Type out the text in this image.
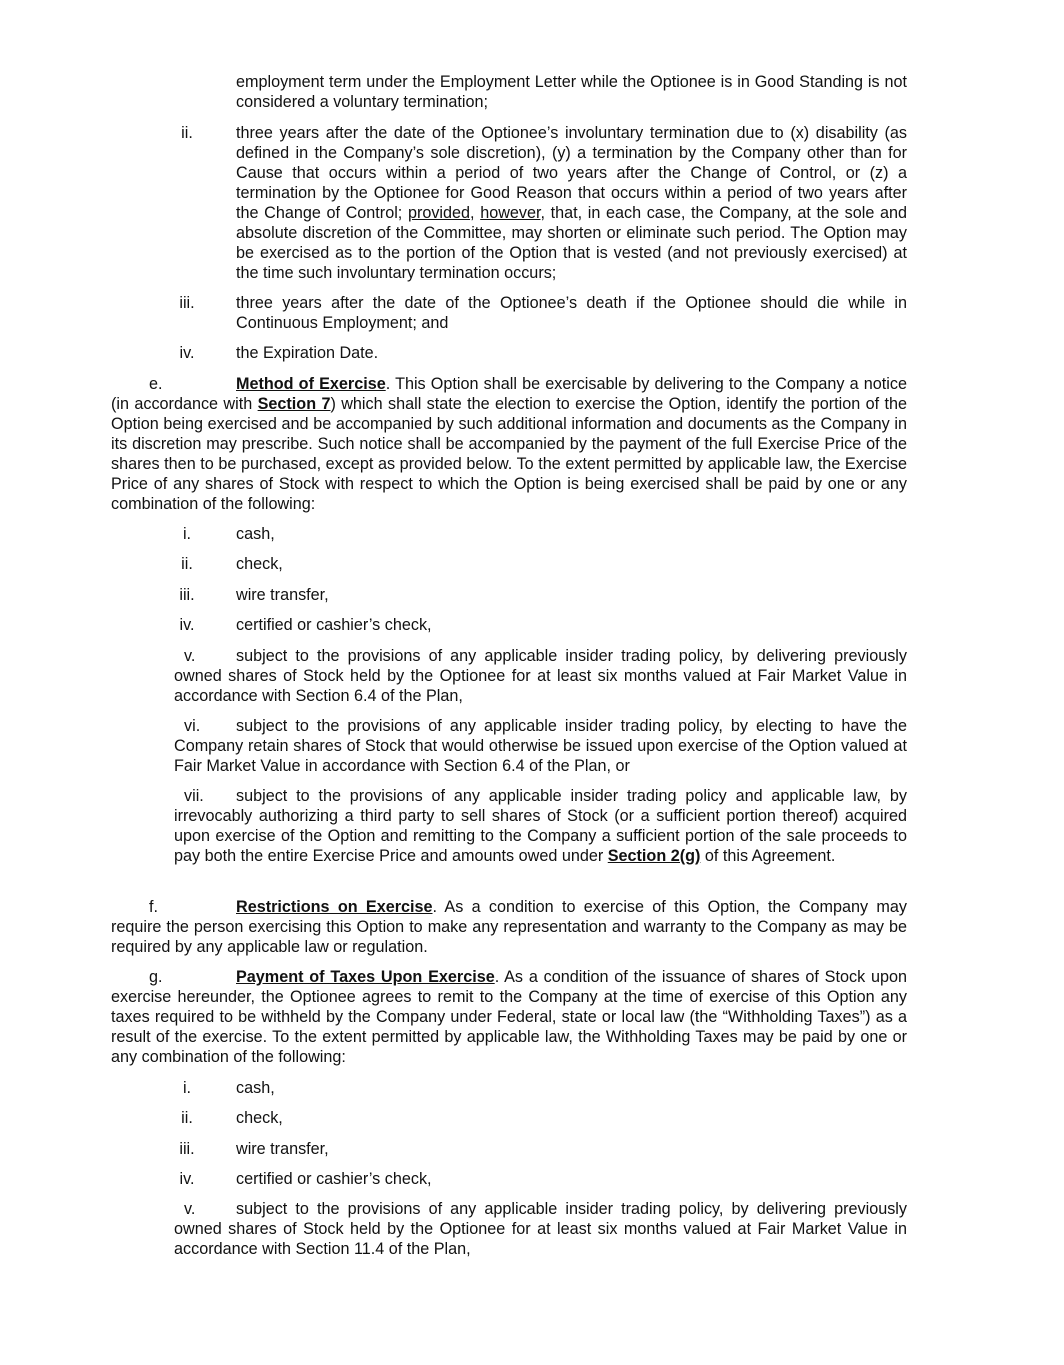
employment term under the Employment Letter while the Optionee is in Good Standing is not considered a voluntary termination;

ii.	three years after the date of the Optionee’s involuntary termination due to (x) disability (as defined in the Company’s sole discretion), (y) a termination by the Company other than for Cause that occurs within a period of two years after the Change of Control, or (z) a termination by the Optionee for Good Reason that occurs within a period of two years after the Change of Control; provided, however, that, in each case, the Company, at the sole and absolute discretion of the Committee, may shorten or eliminate such period. The Option may be exercised as to the portion of the Option that is vested (and not previously exercised) at the time such involuntary termination occurs;
iii.	three years after the date of the Optionee’s death if the Optionee should die while in Continuous Employment; and
iv.	the Expiration Date.

e.	Method of Exercise. This Option shall be exercisable by delivering to the Company a notice (in accordance with Section 7) which shall state the election to exercise the Option, identify the portion of the Option being exercised and be accompanied by such additional information and documents as the Company in its discretion may prescribe. Such notice shall be accompanied by the payment of the full Exercise Price of the shares then to be purchased, except as provided below. To the extent permitted by applicable law, the Exercise Price of any shares of Stock with respect to which the Option is being exercised shall be paid by one or any combination of the following:

i.	cash,
ii.	check,
iii.	wire transfer,
iv.	certified or cashier’s check,

v.	subject to the provisions of any applicable insider trading policy, by delivering previously owned shares of Stock held by the Optionee for at least six months valued at Fair Market Value in accordance with Section 6.4 of the Plan,

vi. subject to the provisions of any applicable insider trading policy, by electing to have the Company retain shares of Stock that would otherwise be issued upon exercise of the Option valued at Fair Market Value in accordance with Section 6.4 of the Plan, or

vii. subject to the provisions of any applicable insider trading policy and applicable law, by irrevocably authorizing a third party to sell shares of Stock (or a sufficient portion thereof) acquired upon exercise of the Option and remitting to the Company a sufficient portion of the sale proceeds to pay both the entire Exercise Price and amounts owed under Section 2(g) of this Agreement.

f.	Restrictions on Exercise. As a condition to exercise of this Option, the Company may require the person exercising this Option to make any representation and warranty to the Company as may be required by any applicable law or regulation.

g.	Payment of Taxes Upon Exercise. As a condition of the issuance of shares of Stock upon exercise hereunder, the Optionee agrees to remit to the Company at the time of exercise of this Option any taxes required to be withheld by the Company under Federal, state or local law (the “Withholding Taxes”) as a result of the exercise. To the extent permitted by applicable law, the Withholding Taxes may be paid by one or any combination of the following:

i.	cash,
ii.	check,
iii.	wire transfer,
iv.	certified or cashier’s check,

v.	subject to the provisions of any applicable insider trading policy, by delivering previously owned shares of Stock held by the Optionee for at least six months valued at Fair Market Value in accordance with Section 11.4 of the Plan,
